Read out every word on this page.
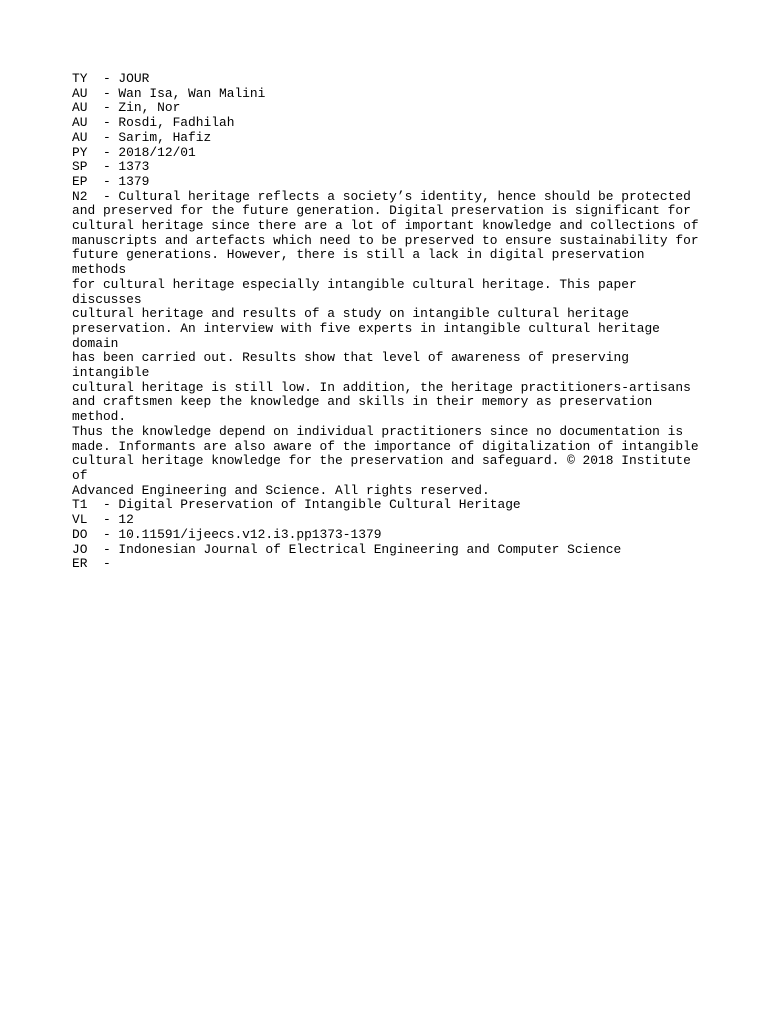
TY  - JOUR
AU  - Wan Isa, Wan Malini
AU  - Zin, Nor
AU  - Rosdi, Fadhilah
AU  - Sarim, Hafiz
PY  - 2018/12/01
SP  - 1373
EP  - 1379
N2  - Cultural heritage reflects a society’s identity, hence should be protected
and preserved for the future generation. Digital preservation is significant for
cultural heritage since there are a lot of important knowledge and collections of
manuscripts and artefacts which need to be preserved to ensure sustainability for
future generations. However, there is still a lack in digital preservation methods
for cultural heritage especially intangible cultural heritage. This paper discusses
cultural heritage and results of a study on intangible cultural heritage
preservation. An interview with five experts in intangible cultural heritage domain
has been carried out. Results show that level of awareness of preserving intangible
cultural heritage is still low. In addition, the heritage practitioners-artisans
and craftsmen keep the knowledge and skills in their memory as preservation method.
Thus the knowledge depend on individual practitioners since no documentation is
made. Informants are also aware of the importance of digitalization of intangible
cultural heritage knowledge for the preservation and safeguard. © 2018 Institute of
Advanced Engineering and Science. All rights reserved.
T1  - Digital Preservation of Intangible Cultural Heritage
VL  - 12
DO  - 10.11591/ijeecs.v12.i3.pp1373-1379
JO  - Indonesian Journal of Electrical Engineering and Computer Science
ER  -
